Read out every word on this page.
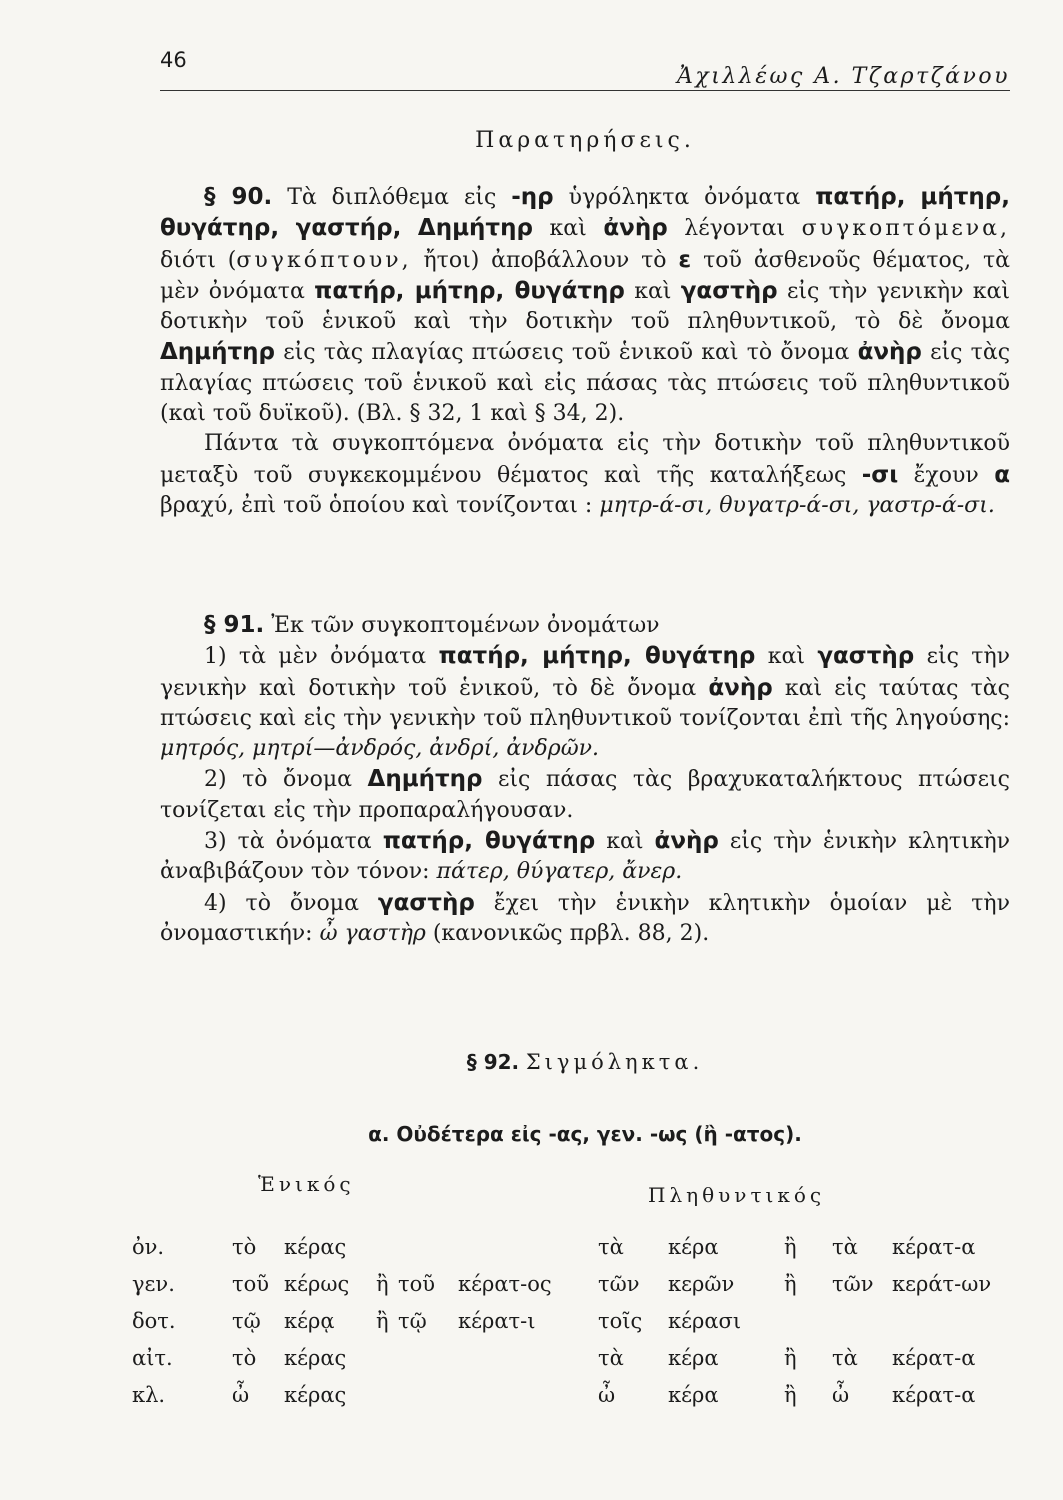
46
Ἀχιλλέως Α. Τζαρτζάνου
Παρατηρήσεις.

§ 90. Τὰ διπλόθεμα εἰς -ηρ ὑγρόληκτα ὀνόματα πατήρ, μήτηρ, θυγάτηρ, γαστήρ, Δημήτηρ καὶ ἀνὴρ λέγονται συγκοπτόμενα, διότι (συγκόπτουν, ἤτοι) ἀποβάλλουν τὸ ε τοῦ ἀσθενοῦς θέματος, τὰ μὲν ὀνόματα πατήρ, μήτηρ, θυγάτηρ καὶ γαστὴρ εἰς τὴν γενικὴν καὶ δοτικὴν τοῦ ἑνικοῦ καὶ τὴν δοτικὴν τοῦ πληθυντικοῦ, τὸ δὲ ὄνομα Δημήτηρ εἰς τὰς πλαγίας πτώσεις τοῦ ἑνικοῦ καὶ τὸ ὄνομα ἀνὴρ εἰς τὰς πλαγίας πτώσεις τοῦ ἑνικοῦ καὶ εἰς πάσας τὰς πτώσεις τοῦ πληθυντικοῦ (καὶ τοῦ δυϊκοῦ). (Βλ. § 32, 1 καὶ § 34, 2).

Πάντα τὰ συγκοπτόμενα ὀνόματα εἰς τὴν δοτικὴν τοῦ πληθυντικοῦ μεταξὺ τοῦ συγκεκομμένου θέματος καὶ τῆς καταλήξεως -σι ἔχουν α βραχύ, ἐπὶ τοῦ ὁποίου καὶ τονίζονται : μητρ-ά-σι, θυγατρ-ά-σι, γαστρ-ά-σι.

§ 91. Ἐκ τῶν συγκοπτομένων ὀνομάτων

1) τὰ μὲν ὀνόματα πατήρ, μήτηρ, θυγάτηρ καὶ γαστὴρ εἰς τὴν γενικὴν καὶ δοτικὴν τοῦ ἑνικοῦ, τὸ δὲ ὄνομα ἀνὴρ καὶ εἰς ταύτας τὰς πτώσεις καὶ εἰς τὴν γενικὴν τοῦ πληθυντικοῦ τονίζονται ἐπὶ τῆς ληγούσης: μητρός, μητρί—ἀνδρός, ἀνδρί, ἀνδρῶν.

2) τὸ ὄνομα Δημήτηρ εἰς πάσας τὰς βραχυκαταλήκτους πτώσεις τονίζεται εἰς τὴν προπαραλήγουσαν.

3) τὰ ὀνόματα πατήρ, θυγάτηρ καὶ ἀνὴρ εἰς τὴν ἑνικὴν κλητικὴν ἀναβιβάζουν τὸν τόνον: πάτερ, θύγατερ, ἄνερ.

4) τὸ ὄνομα γαστὴρ ἔχει τὴν ἑνικὴν κλητικὴν ὁμοίαν μὲ τὴν ὀνομαστικήν: ὦ γαστὴρ (κανονικῶς πρβλ. 88, 2).

§ 92. Σιγμόληκτα.
α. Οὐδέτερα εἰς -ας, γεν. -ως (ἢ -ατος).
Ἑνικός	Πληθυντικός
ὀν.	τὸ	κέρας				τὰ	κέρα	ἢ	τὰ	κέρατ-α
γεν.	τοῦ	κέρως	ἢ	τοῦ	κέρατ-ος	τῶν	κερῶν	ἢ	τῶν	κεράτ-ων
δοτ.	τῷ	κέρᾳ	ἢ	τῷ	κέρατ-ι	τοῖς	κέρασι			
αἰτ.	τὸ	κέρας				τὰ	κέρα	ἢ	τὰ	κέρατ-α
κλ.	ὦ	κέρας				ὦ	κέρα	ἢ	ὦ	κέρατ-α
